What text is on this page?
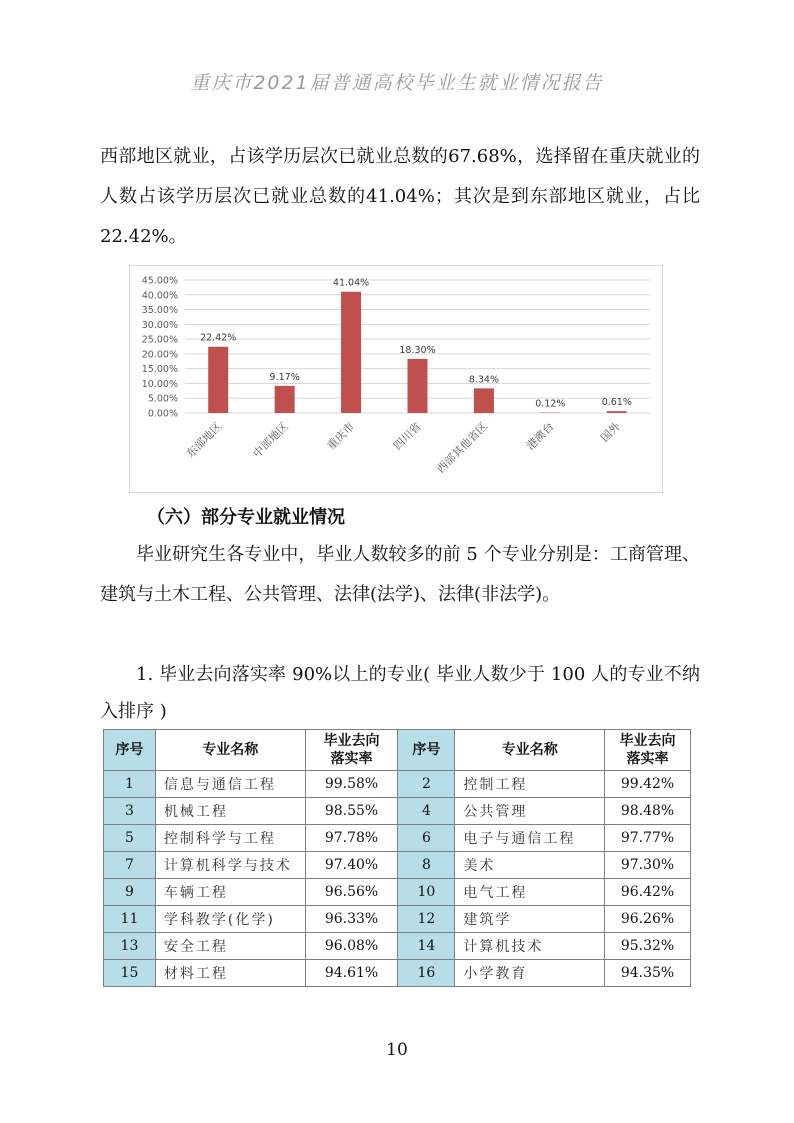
重庆市2021届普通高校毕业生就业情况报告
西部地区就业，占该学历层次已就业总数的67.68%，选择留在重庆就业的人数占该学历层次已就业总数的41.04%；其次是到东部地区就业，占比22.42%。
0.00%
5.00%
10.00%
15.00%
20.00%
25.00%
30.00%
35.00%
40.00%
45.00%
22.42%
东部地区
9.17%
中部地区
41.04%
重庆市
18.30%
四川省
8.34%
西部其他省区
0.12%
港澳台
0.61%
国外
（六）部分专业就业情况
毕业研究生各专业中，毕业人数较多的前 5 个专业分别是：工商管理、建筑与土木工程、公共管理、法律(法学)、法律(非法学)。
1. 毕业去向落实率 90%以上的专业( 毕业人数少于 100 人的专业不纳入排序 )
序号	专业名称	毕业去向落实率	序号	专业名称	毕业去向落实率
1	信息与通信工程	99.58%	2	控制工程	99.42%
3	机械工程	98.55%	4	公共管理	98.48%
5	控制科学与工程	97.78%	6	电子与通信工程	97.77%
7	计算机科学与技术	97.40%	8	美术	97.30%
9	车辆工程	96.56%	10	电气工程	96.42%
11	学科教学(化学)	96.33%	12	建筑学	96.26%
13	安全工程	96.08%	14	计算机技术	95.32%
15	材料工程	94.61%	16	小学教育	94.35%
10
